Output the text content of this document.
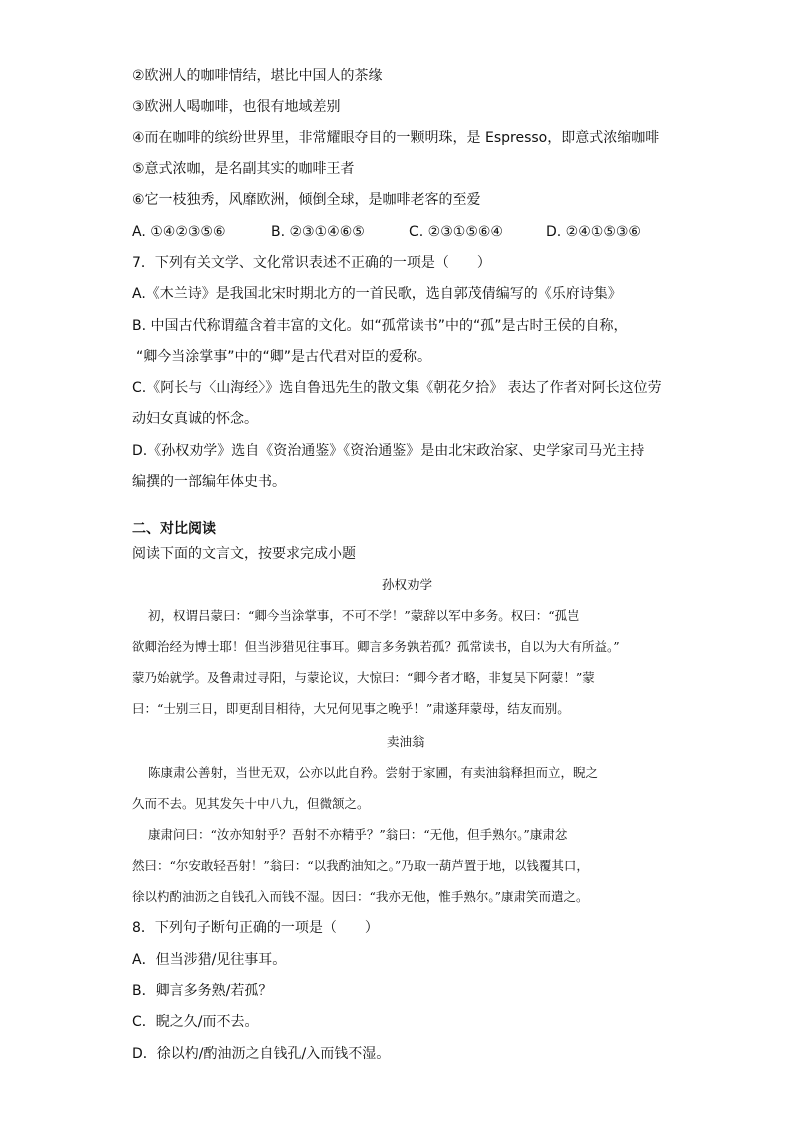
②欧洲人的咖啡情结，堪比中国人的茶缘
③欧洲人喝咖啡，也很有地域差别
④而在咖啡的缤纷世界里，非常耀眼夺目的一颗明珠，是 Espresso，即意式浓缩咖啡
⑤意式浓咖，是名副其实的咖啡王者
⑥它一枝独秀，风靡欧洲，倾倒全球，是咖啡老客的至爱
A. ①④②③⑤⑥	B. ②③①④⑥⑤	C. ②③①⑤⑥④	D. ②④①⑤③⑥
7．下列有关文学、文化常识表述不正确的一项是（　　）
A.《木兰诗》是我国北宋时期北方的一首民歌，选自郭茂倩编写的《乐府诗集》
B. 中国古代称谓蕴含着丰富的文化。如“孤常读书”中的“孤”是古时王侯的自称，
“卿今当涂掌事”中的“卿”是古代君对臣的爱称。
C.《阿长与〈山海经〉》选自鲁迅先生的散文集《朝花夕拾》 表达了作者对阿长这位劳
动妇女真诚的怀念。
D.《孙权劝学》选自《资治通鉴》《资治通鉴》是由北宋政治家、史学家司马光主持
编撰的一部编年体史书。
二、对比阅读
阅读下面的文言文，按要求完成小题
孙权劝学
初，权谓吕蒙曰：“卿今当涂掌事，不可不学！”蒙辞以军中多务。权曰：“孤岂
欲卿治经为博士耶！但当涉猎见往事耳。卿言多务孰若孤？孤常读书，自以为大有所益。”
蒙乃始就学。及鲁肃过寻阳，与蒙论议，大惊曰：“卿今者才略，非复吴下阿蒙！”蒙
曰：“士别三日，即更刮目相待，大兄何见事之晚乎！”肃遂拜蒙母，结友而别。
卖油翁
陈康肃公善射，当世无双，公亦以此自矜。尝射于家圃，有卖油翁释担而立，睨之
久而不去。见其发矢十中八九，但微颔之。
康肃问曰：“汝亦知射乎？吾射不亦精乎？”翁曰：“无他，但手熟尔。”康肃忿
然曰：“尔安敢轻吾射！”翁曰：“以我酌油知之。”乃取一葫芦置于地，以钱覆其口，
徐以杓酌油沥之自钱孔入而钱不湿。因曰：“我亦无他，惟手熟尔。”康肃笑而遣之。
8．下列句子断句正确的一项是（　　）
A．但当涉猎/见往事耳。
B．卿言多务熟/若孤？
C．睨之久/而不去。
D．徐以杓/酌油沥之自钱孔/入而钱不湿。
